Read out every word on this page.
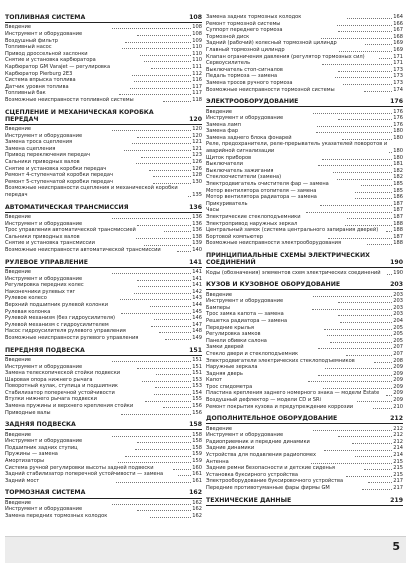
ТОПЛИВНАЯ СИСТЕМА	108
Введение	108
Инструмент и оборудование	108
Воздушный фильтр	109
Топливный насос	110
Привод дроссельной заслонки	110
Снятие и установка карбюратора	110
Карбюратор GM Varajet — регулировка	111
Карбюратор Pierburg 2E3	112
Система впрыска топлива	116
Датчик уровня топлива	117
Топливный бак	117
Возможные неисправности топливной системы	118
СЦЕПЛЕНИЕ И МЕХАНИЧЕСКАЯ КОРОБКА ПЕРЕДАЧ	120
Введение	120
Инструмент и оборудование	120
Замена троса сцепления	121
Замена сцепления	121
Привод переключения передач	123
Сальники приводных валов	126
Снятие и установка коробки передач	126
Ремонт 4-ступенчатой коробки передач	128
Ремонт 5-ступенчатой коробки передач	130
Возможные неисправности сцепления и механической коробки передач	135
АВТОМАТИЧЕСКАЯ ТРАНСМИССИЯ	136
Введение	136
Инструмент и оборудование	136
Трос управления автоматической трансмиссией	136
Сальники приводных валов	138
Снятие и установка трансмиссии	139
Возможные неисправности автоматической трансмиссии	140
РУЛЕВОЕ УПРАВЛЕНИЕ	141
Введение	141
Инструмент и оборудование	141
Регулировка передних колес	141
Наконечники рулевых тяг	142
Рулевое колесо	143
Верхний подшипник рулевой колонки	144
Рулевая колонка	145
Рулевой механизм (без гидроусилителя)	146
Рулевой механизм с гидроусилителем	147
Насос гидроусилителя рулевого управления	148
Возможные неисправности рулевого управления	149
ПЕРЕДНЯЯ ПОДВЕСКА	151
Введение	151
Инструмент и оборудование	151
Замена телескопической стойки подвески	151
Шаровая опора нижнего рычага	153
Поворотный кулак, ступица и подшипник	153
Стабилизатор поперечной устойчивости	154
Втулки нижнего рычага подвески	155
Замена пружины и верхнего крепления стойки	156
Приводные валы	156
ЗАДНЯЯ ПОДВЕСКА	158
Введение	158
Инструмент и оборудование	158
Подшипник задних ступиц	158
Пружины — замена	159
Амортизаторы	159
Система ручной регулировки высоты задней подвески	160
Задний стабилизатор поперечной устойчивости — замена	161
Задний мост	161
ТОРМОЗНАЯ СИСТЕМА	162
Введение	162
Инструмент и оборудование	162
Замена передних тормозных колодок	162
Замена задних тормозных колодок	164
Ремонт тормозной системы	166
Суппорт переднего тормоза	167
Тормозной диск	168
Задний (рабочий) колесный тормозной цилиндр	169
Главный тормозной цилиндр	169
Клапан ограничения давления (регулятор тормозных сил)	171
Сервоусилитель	171
Выключатель стоп-сигналов	173
Педаль тормоза — замена	173
Замена тросов ручного тормоза	173
Возможные неисправности тормозной системы	174
ЭЛЕКТРООБОРУДОВАНИЕ	176
Введение	176
Инструмент и оборудование	176
Замена ламп	176
Замена фар	180
Замена заднего блока фонарей	180
Реле, предохранители, реле-прерыватель указателей поворотов и аварийной сигнализации	180
Щиток приборов	180
Выключатели	181
Выключатель зажигания	182
Стеклоочистители (замена)	182
Электродвигатель очистителя фар — замена	185
Мотор вентилятора отопителя — замена	185
Мотор вентилятора радиатора — замена	186
Прикуриватель	187
Часы	187
Электрические стеклоподъемники	187
Электропривод наружных зеркал	188
Центральный замок (система центрального запирания дверей)	188
Бортовой компьютер	187
Возможные неисправности электрооборудования	188
ПРИНЦИПИАЛЬНЫЕ СХЕМЫ ЭЛЕКТРИЧЕСКИХ СОЕДИНЕНИЙ	190
Коды (обозначения) элементов схем электрических соединений	190
КУЗОВ И КУЗОВНОЕ ОБОРУДОВАНИЕ	203
Введение	203
Инструмент и оборудование	203
Бамперы	203
Трос замка капота — замена	203
Решетка радиатора — замена	204
Передние крылья	205
Регулировка замков	205
Панели обивки салона	205
Замки дверей	207
Стекло двери и стеклоподъемник	207
Электродвигатели электрических стеклоподъемников	208
Наружные зеркала	209
Задняя дверь	209
Капот	209
Трос спидометра	209
Пластина крепления заднего номерного знака — модели Estate	209
Воздушный дефлектор — модели CD и SRi	209
Ремонт покрытия кузова и предупреждение коррозии	210
ДОПОЛНИТЕЛЬНОЕ ОБОРУДОВАНИЕ	212
Введение	212
Инструмент и оборудование	212
Радиоприемник и передние динамики	212
Задние динамики	214
Устройства для подавления радиопомех	214
Антенна	215
Задние ремни безопасности и детские сиденья	215
Установка буксирного устройства	215
Электрооборудование буксировочного устройства	217
Передние противотуманные фары фирмы GM	217
ТЕХНИЧЕСКИЕ ДАННЫЕ	219
5
